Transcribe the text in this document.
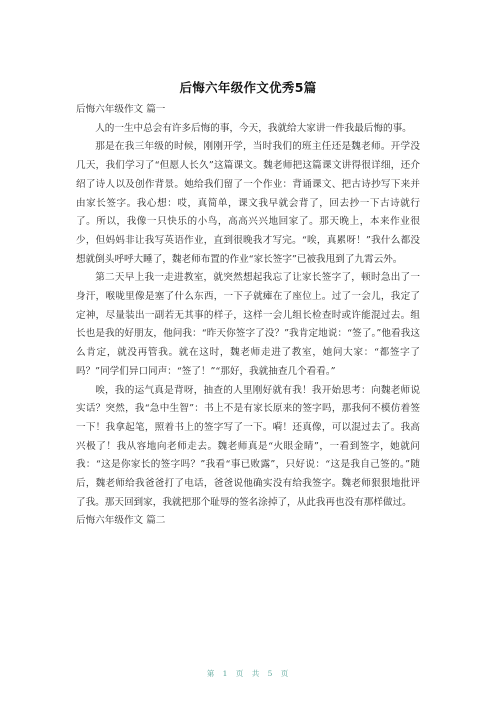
后悔六年级作文优秀5篇

后悔六年级作文 篇一

人的一生中总会有许多后悔的事，今天，我就给大家讲一件我最后悔的事。

那是在我三年级的时候，刚刚开学，当时我们的班主任还是魏老师。开学没几天，我们学习了“但愿人长久”这篇课文。魏老师把这篇课文讲得很详细，还介绍了诗人以及创作背景。她给我们留了一个作业：背诵课文、把古诗抄写下来并由家长签字。我心想：哎，真简单，课文我早就会背了，回去抄一下古诗就行了。所以，我像一只快乐的小鸟，高高兴兴地回家了。那天晚上，本来作业很少，但妈妈非让我写英语作业，直到很晚我才写完。“唉，真累呀！”我什么都没想就倒头呼呼大睡了，魏老师布置的作业“家长签字”已被我甩到了九霄云外。

第二天早上我一走进教室，就突然想起我忘了让家长签字了，顿时急出了一身汗，喉咙里像是塞了什么东西，一下子就瘫在了座位上。过了一会儿，我定了定神，尽量装出一副若无其事的样子，这样一会儿组长检查时或许能混过去。组长也是我的好朋友，他问我：“昨天你签字了没？”我肯定地说：“签了。”他看我这么肯定，就没再管我。就在这时，魏老师走进了教室，她问大家：“都签字了吗？”同学们异口同声：“签了！”“那好，我就抽查几个看看。”

唉，我的运气真是背呀，抽查的人里刚好就有我！我开始思考：向魏老师说实话？突然，我“急中生智”：书上不是有家长原来的签字吗，那我何不模仿着签一下！我拿起笔，照着书上的签字写了一下。嗬！还真像，可以混过去了。我高兴极了！我从容地向老师走去。魏老师真是“火眼金睛”，一看到签字，她就问我：“这是你家长的签字吗？”我看“事已败露”，只好说：“这是我自己签的。”随后，魏老师给我爸爸打了电话，爸爸说他确实没有给我签字。魏老师狠狠地批评了我。那天回到家，我就把那个耻辱的签名涂掉了，从此我再也没有那样做过。

后悔六年级作文 篇二

第 1 页 共 5 页
